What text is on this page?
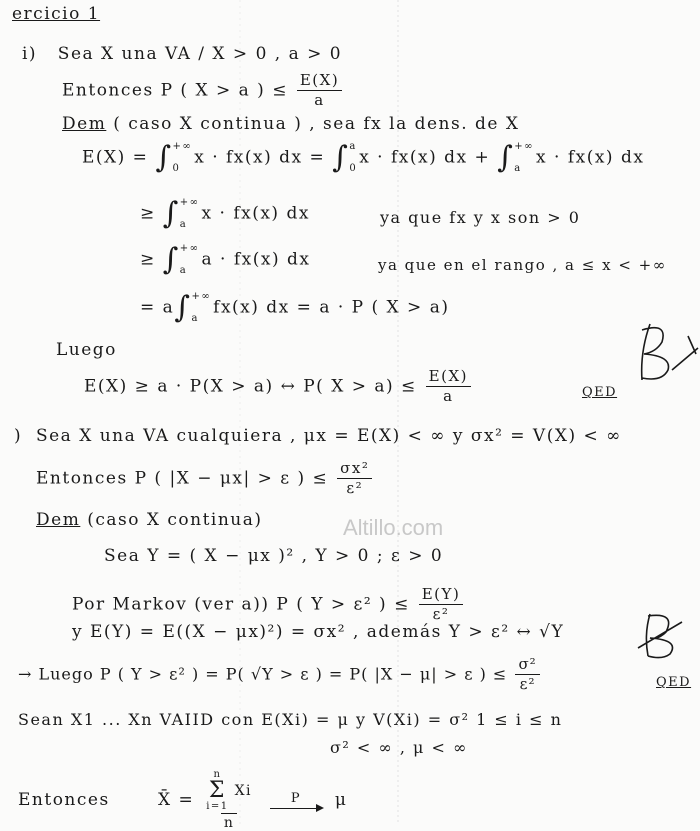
ercicio 1
i) Sea X una VA / X > 0 , a > 0
Entonces P ( X > a ) ≤ $\frac{E(X)}{a}$
Dem ( caso X continua ) , sea fx la dens. de X
E(X) = ∫ +∞
0
x · fx(x) dx = ∫ a
0
x · fx(x) dx + ∫ +∞
a
x · fx(x) dx
≥ ∫ +∞
a
x · fx(x) dx	ya que fx y x son > 0
≥ ∫ +∞
a
a · fx(x) dx	ya que en el rango , a ≤ x < +∞
= a∫ +∞
a
fx(x) dx = a · P ( X > a)
Luego
E(X) ≥ a · P(X > a) ↔ P( $X > a) \le \frac{E(X)}{a}$	QED
) Sea X una VA cualquiera , μx = E(X) < ∞ y σx² = V(X) < ∞
Entonces P ( |X − μx| > ε ) ≤ $\frac{\text{σx²}}{\text{ε²}}$
Dem (caso X continua)
Sea Y = ( X − μx )² , Y > 0 ; ε > 0
Por Markov (ver a)) P ( Y > ε² ) ≤ $\frac{E(Y)}{\text{ε²}}$
y E(Y) = E((X − μx)²) = σx² , además Y > ε² ↔ √Y
→ Luego P ( Y > ε² ) = P( √Y > ε ) = P( |X − μ| > ε ) ≤ $\frac{\text{σ²}}{\text{ε²}}$	QED
Sean X1 ... Xn VAIID con E(Xi) = μ y V(Xi) = σ² 1 ≤ i ≤ n
σ² < ∞ , μ < ∞
Entonces	X̄ = n
Σ
i=1

Xi
n
	P μ
Altillo.com
